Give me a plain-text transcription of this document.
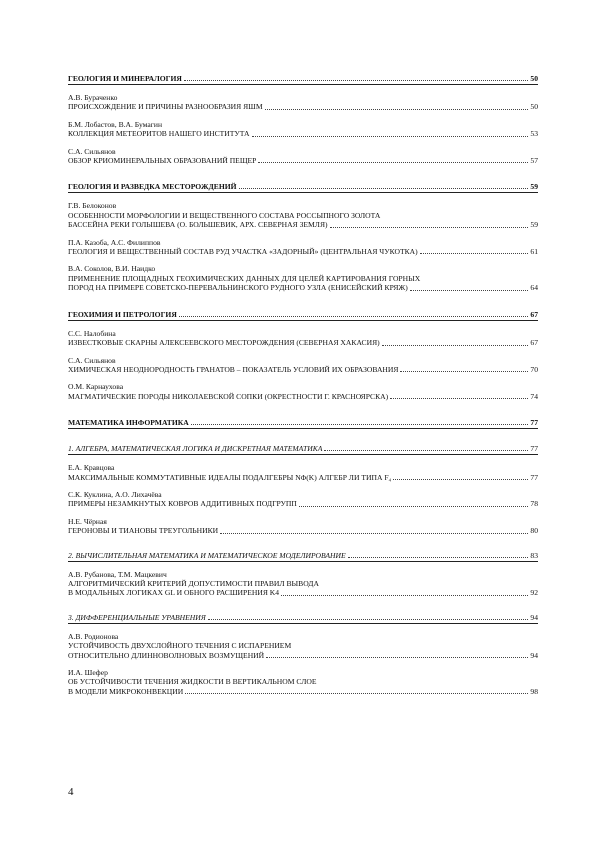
ГЕОЛОГИЯ И МИНЕРАЛОГИЯ	50
А.В. Бураченко
ПРОИСХОЖДЕНИЕ И ПРИЧИНЫ РАЗНООБРАЗИЯ ЯШМ	50
Б.М. Лобастов, В.А. Бумагин
КОЛЛЕКЦИЯ МЕТЕОРИТОВ НАШЕГО ИНСТИТУТА	53
С.А. Сильянов
ОБЗОР КРИОМИНЕРАЛЬНЫХ ОБРАЗОВАНИЙ ПЕЩЕР	57
ГЕОЛОГИЯ И РАЗВЕДКА МЕСТОРОЖДЕНИЙ	59
Г.В. Белоконов
ОСОБЕННОСТИ МОРФОЛОГИИ И ВЕЩЕСТВЕННОГО СОСТАВА РОССЫПНОГО ЗОЛОТА
БАССЕЙНА РЕКИ ГОЛЫШЕВА (О. БОЛЬШЕВИК, АРХ. СЕВЕРНАЯ ЗЕМЛЯ)	59
П.А. Казоба, А.С. Филиппов
ГЕОЛОГИЯ И ВЕЩЕСТВЕННЫЙ СОСТАВ РУД УЧАСТКА «ЗАДОРНЫЙ» (ЦЕНТРАЛЬНАЯ ЧУКОТКА)	61
В.А. Соколов, В.И. Наидко
ПРИМЕНЕНИЕ ПЛОЩАДНЫХ ГЕОХИМИЧЕСКИХ ДАННЫХ ДЛЯ ЦЕЛЕЙ КАРТИРОВАНИЯ ГОРНЫХ
ПОРОД НА ПРИМЕРЕ СОВЕТСКО-ПЕРЕВАЛЬНИНСКОГО РУДНОГО УЗЛА (ЕНИСЕЙСКИЙ КРЯЖ)	64
ГЕОХИМИЯ И ПЕТРОЛОГИЯ	67
С.С. Налобина
ИЗВЕСТКОВЫЕ СКАРНЫ АЛЕКСЕЕВСКОГО МЕСТОРОЖДЕНИЯ (СЕВЕРНАЯ ХАКАСИЯ)	67
С.А. Сильянов
ХИМИЧЕСКАЯ НЕОДНОРОДНОСТЬ ГРАНАТОВ – ПОКАЗАТЕЛЬ УСЛОВИЙ ИХ ОБРАЗОВАНИЯ	70
О.М. Карнаухова
МАГМАТИЧЕСКИЕ ПОРОДЫ НИКОЛАЕВСКОЙ СОПКИ (ОКРЕСТНОСТИ Г. КРАСНОЯРСКА)	74
МАТЕМАТИКА ИНФОРМАТИКА	77
1. АЛГЕБРА, МАТЕМАТИЧЕСКАЯ ЛОГИКА И ДИСКРЕТНАЯ МАТЕМАТИКА	77
Е.А. Кравцова
МАКСИМАЛЬНЫЕ КОММУТАТИВНЫЕ ИДЕАЛЫ ПОДАЛГЕБРЫ NΦ(K) АЛГЕБР ЛИ ТИПА F₄	77
С.К. Куклина, А.О. Лихачёва
ПРИМЕРЫ НЕЗАМКНУТЫХ КОВРОВ АДДИТИВНЫХ ПОДГРУПП	78
Н.Е. Чёрная
ГЕРОНОВЫ И ТИАНОВЫ ТРЕУГОЛЬНИКИ	80
2. ВЫЧИСЛИТЕЛЬНАЯ МАТЕМАТИКА И МАТЕМАТИЧЕСКОЕ МОДЕЛИРОВАНИЕ	83
А.В. Рубанова, Т.М. Мацкевич
АЛГОРИТМИЧЕСКИЙ КРИТЕРИЙ ДОПУСТИМОСТИ ПРАВИЛ ВЫВОДА
В МОДАЛЬНЫХ ЛОГИКАХ GL И ОБНОГО РАСШИРЕНИЯ K4	92
3. ДИФФЕРЕНЦИАЛЬНЫЕ УРАВНЕНИЯ	94
А.В. Родионова
УСТОЙЧИВОСТЬ ДВУХСЛОЙНОГО ТЕЧЕНИЯ С ИСПАРЕНИЕМ
ОТНОСИТЕЛЬНО ДЛИННОВОЛНОВЫХ ВОЗМУЩЕНИЙ	94
И.А. Шефер
ОБ УСТОЙЧИВОСТИ ТЕЧЕНИЯ ЖИДКОСТИ В ВЕРТИКАЛЬНОМ СЛОЕ
В МОДЕЛИ МИКРОКОНВЕКЦИИ	98
4
